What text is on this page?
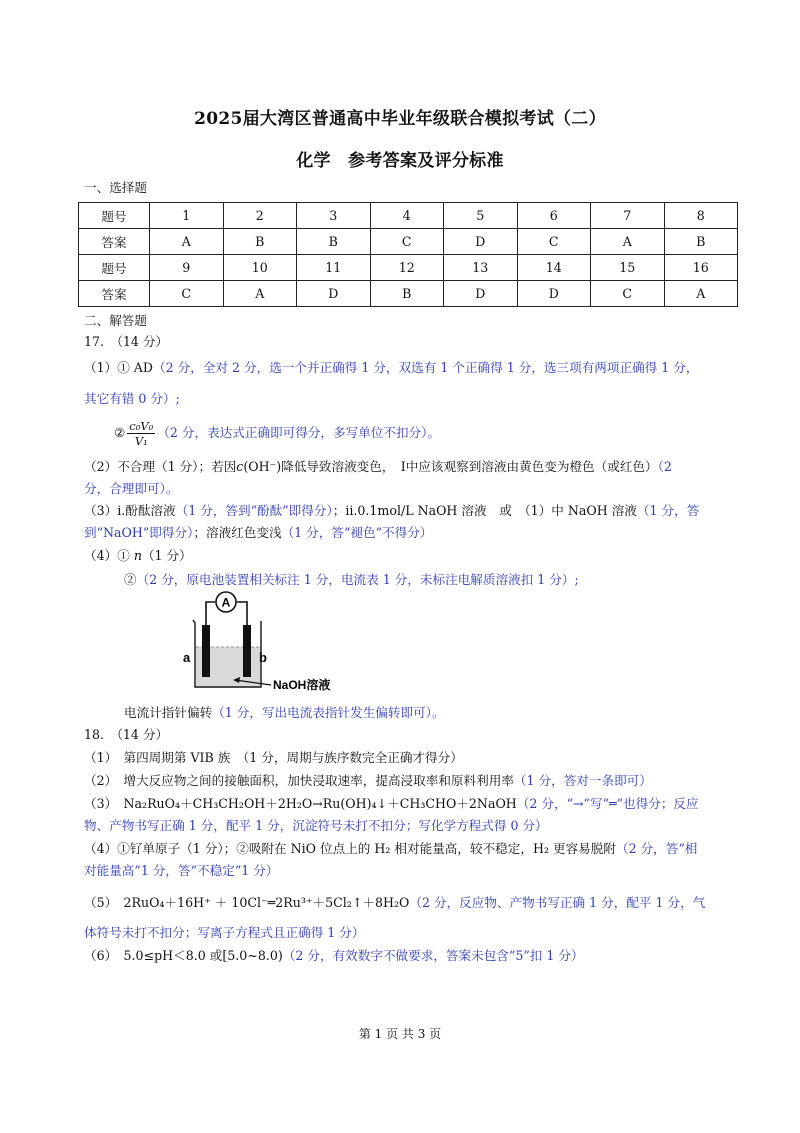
2025届大湾区普通高中毕业年级联合模拟考试（二）
化学　参考答案及评分标准
一、选择题
题号	1	2	3	4	5	6	7	8
答案	A	B	B	C	D	C	A	B
题号	9	10	11	12	13	14	15	16
答案	C	A	D	B	D	D	C	A
二、解答题
17.　（14 分）
（1）① AD（2 分，全对 2 分，选一个并正确得 1 分，双选有 1 个正确得 1 分，选三项有两项正确得 1 分，
其它有错 0 分）;
② $\frac{\text{c₀V₀}}{\text{V₁}} (2$ 分，表达式正确即可得分，多写单位不扣分）。
（2）不合理（1 分）；若因c(OH⁻)降低导致溶液变色，　Ⅰ中应该观察到溶液由黄色变为橙色（或红色）（2
分，合理即可）。
（3）i.酚酞溶液（1 分，答到“酚酞”即得分）；ii.0.1mol/L NaOH 溶液　或　（1）中 NaOH 溶液（1 分，答
到“NaOH”即得分）；溶液红色变浅（1 分，答“褪色”不得分）
（4）① n（1 分）
②（2 分，原电池装置相关标注 1 分，电流表 1 分，未标注电解质溶液扣 1 分）;
A
a	b
NaOH溶液
电流计指针偏转（1 分，写出电流表指针发生偏转即可）。
18.　（14 分）
（1）　第四周期第 VIB 族　（1 分，周期与族序数完全正确才得分）
（2）　增大反应物之间的接触面积，加快浸取速率，提高浸取率和原料利用率（1 分，答对一条即可）
（3）　Na₂RuO₄＋CH₃CH₂OH＋2H₂O→Ru(OH)₄↓＋CH₃CHO＋2NaOH（2 分，“→”写“═”也得分；反应
物、产物书写正确 1 分，配平 1 分，沉淀符号未打不扣分；写化学方程式得 0 分）
（4）①钌单原子（1 分）；②吸附在 NiO 位点上的 H₂ 相对能量高，较不稳定，H₂ 更容易脱附（2 分，答“相
对能量高”1 分，答“不稳定”1 分）
（5）　2RuO₄＋16H⁺ ＋ 10Cl⁻═2Ru³⁺＋5Cl₂↑＋8H₂O（2 分，反应物、产物书写正确 1 分，配平 1 分，气
体符号未打不扣分；写离子方程式且正确得 1 分）
（6）　5.0≤pH＜8.0 或[5.0~8.0)（2 分，有效数字不做要求，答案未包含“5”扣 1 分）
第 1 页 共 3 页
